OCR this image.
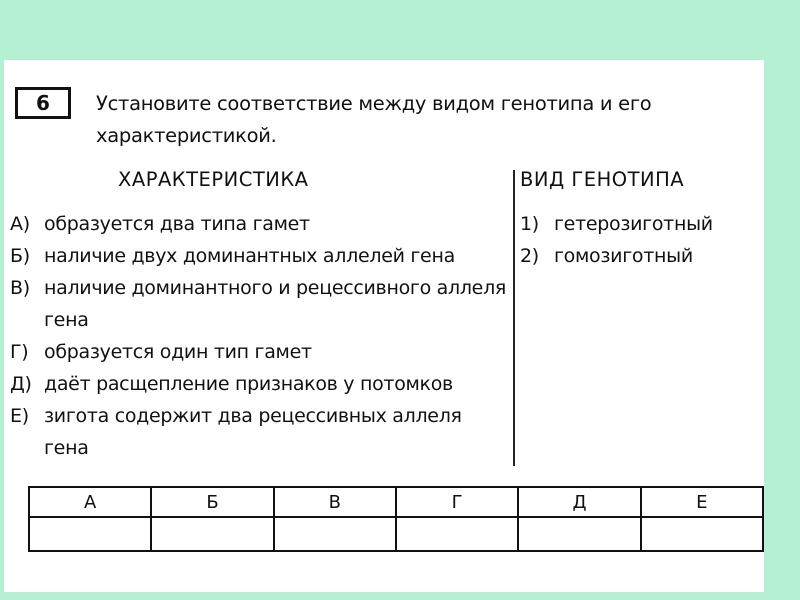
6	Установите соответствие между видом генотипа и его характеристикой.
ХАРАКТЕРИСТИКА	ВИД ГЕНОТИПА
А) образуется два типа гамет
Б) наличие двух доминантных аллелей гена
В) наличие доминантного и рецессивного аллеля гена
Г) образуется один тип гамет
Д) даёт расщепление признаков у потомков
Е) зигота содержит два рецессивных аллеля гена
1) гетерозиготный
2) гомозиготный
А	Б	В	Г	Д	Е
